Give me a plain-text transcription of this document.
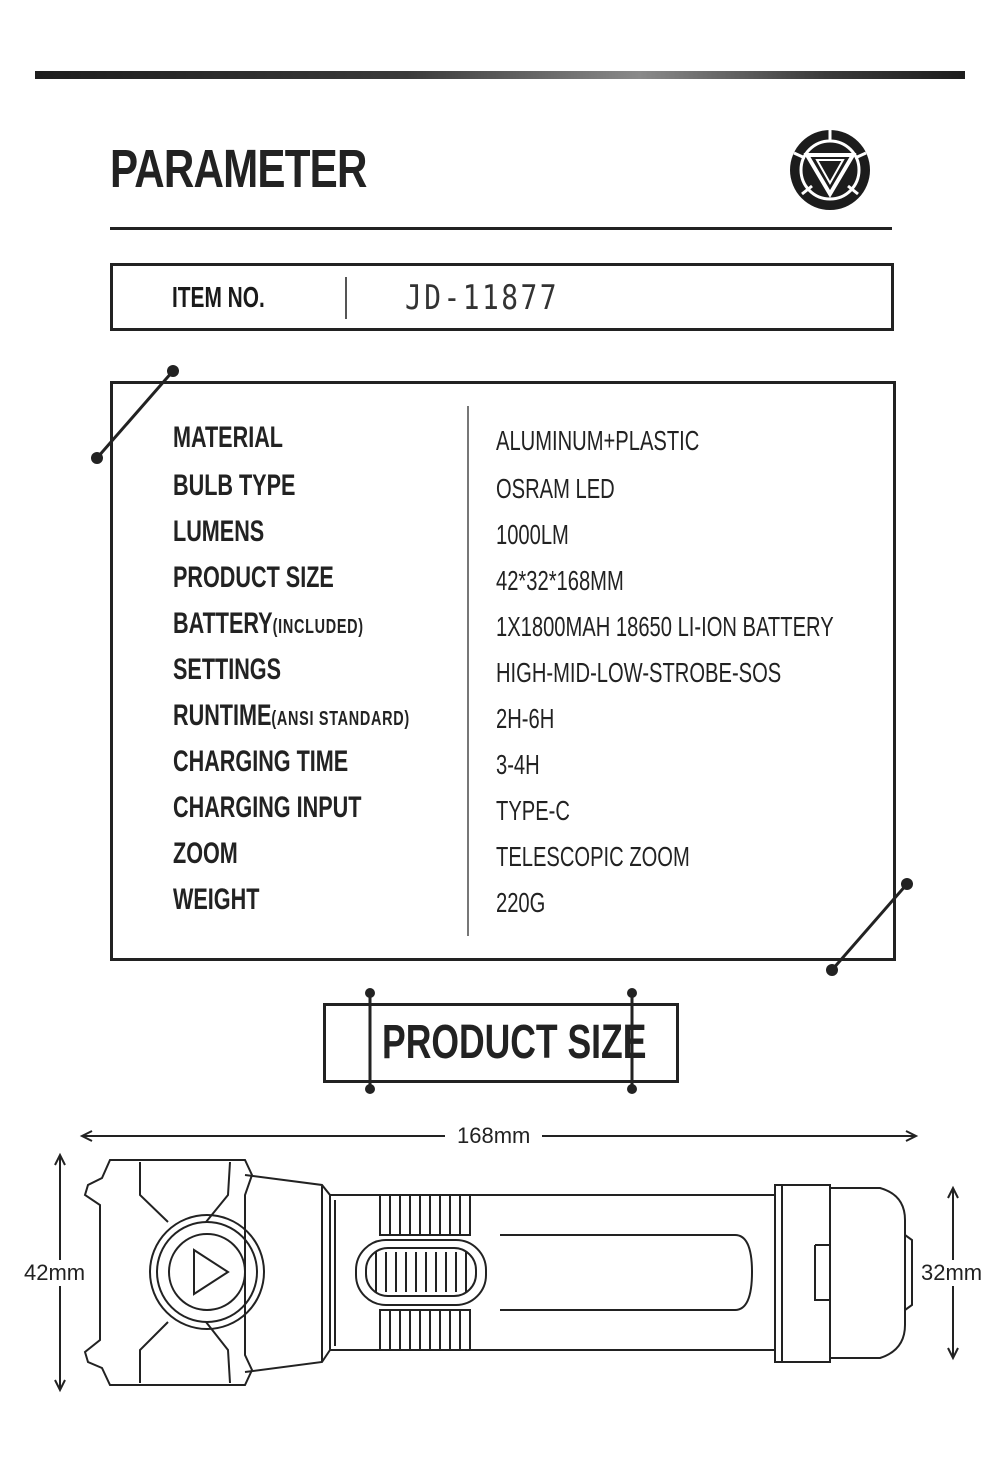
PARAMETER
ITEM NO.	JD-11877
MATERIAL	ALUMINUM+PLASTIC
BULB TYPE	OSRAM LED
LUMENS	1000LM
PRODUCT SIZE	42*32*168MM
BATTERY(INCLUDED)	1X1800MAH 18650 LI-ION BATTERY
SETTINGS	HIGH-MID-LOW-STROBE-SOS
RUNTIME(ANSI STANDARD)	2H-6H
CHARGING TIME	3-4H
CHARGING INPUT	TYPE-C
ZOOM	TELESCOPIC ZOOM
WEIGHT	220G
PRODUCT SIZE
168mm
42mm	32mm
